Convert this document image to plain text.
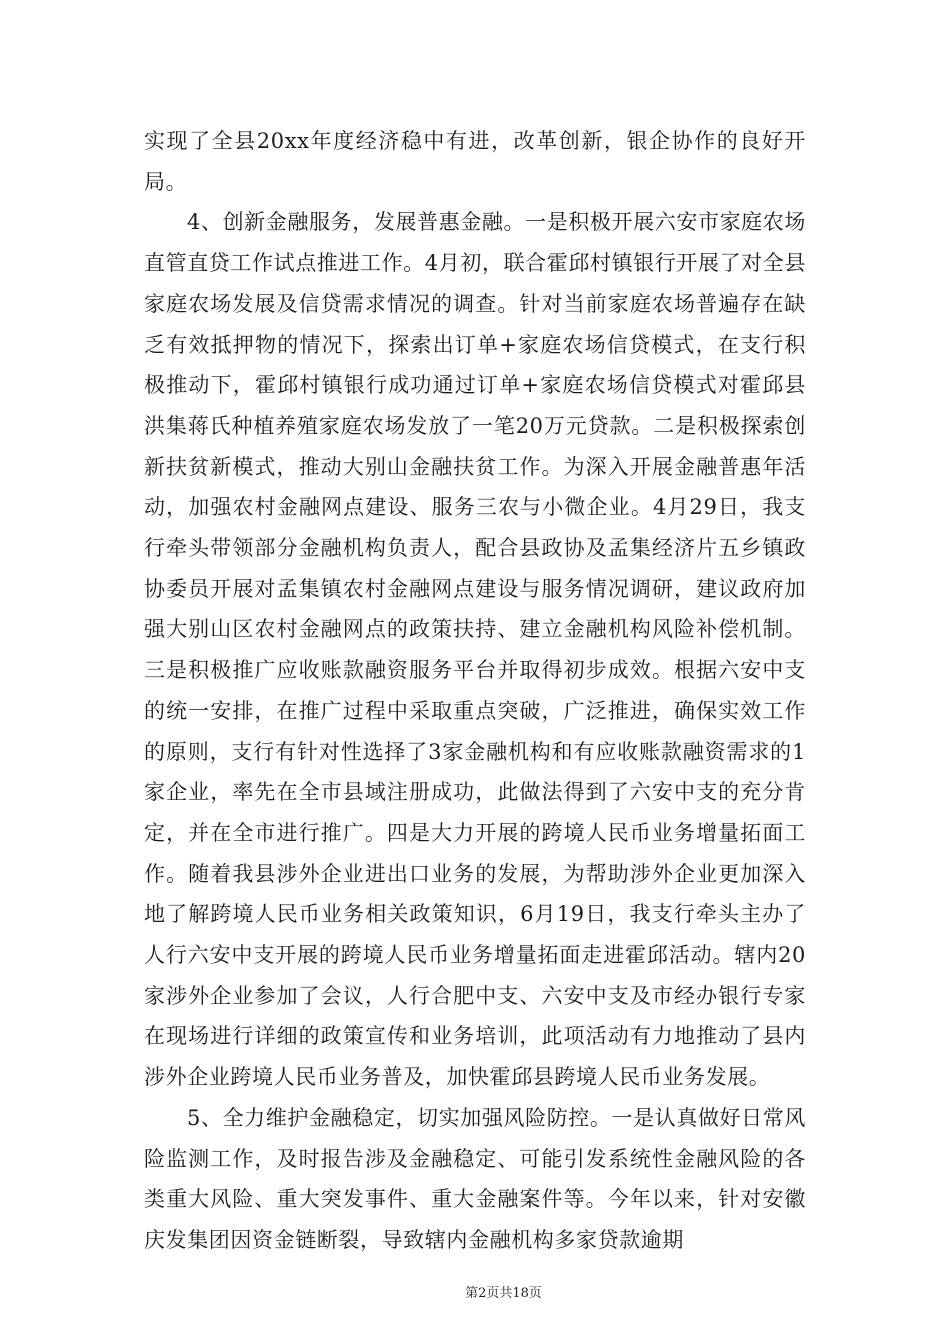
实现了全县20xx年度经济稳中有进，改革创新，银企协作的良好开局。

4、创新金融服务，发展普惠金融。一是积极开展六安市家庭农场直管直贷工作试点推进工作。4月初，联合霍邱村镇银行开展了对全县家庭农场发展及信贷需求情况的调查。针对当前家庭农场普遍存在缺乏有效抵押物的情况下，探索出订单+家庭农场信贷模式，在支行积极推动下，霍邱村镇银行成功通过订单+家庭农场信贷模式对霍邱县洪集蒋氏种植养殖家庭农场发放了一笔20万元贷款。二是积极探索创新扶贫新模式，推动大别山金融扶贫工作。为深入开展金融普惠年活动，加强农村金融网点建设、服务三农与小微企业。4月29日，我支行牵头带领部分金融机构负责人，配合县政协及孟集经济片五乡镇政协委员开展对孟集镇农村金融网点建设与服务情况调研，建议政府加强大别山区农村金融网点的政策扶持、建立金融机构风险补偿机制。三是积极推广应收账款融资服务平台并取得初步成效。根据六安中支的统一安排，在推广过程中采取重点突破，广泛推进，确保实效工作的原则，支行有针对性选择了3家金融机构和有应收账款融资需求的1家企业，率先在全市县域注册成功，此做法得到了六安中支的充分肯定，并在全市进行推广。四是大力开展的跨境人民币业务增量拓面工作。随着我县涉外企业进出口业务的发展，为帮助涉外企业更加深入地了解跨境人民币业务相关政策知识，6月19日，我支行牵头主办了人行六安中支开展的跨境人民币业务增量拓面走进霍邱活动。辖内20家涉外企业参加了会议，人行合肥中支、六安中支及市经办银行专家在现场进行详细的政策宣传和业务培训，此项活动有力地推动了县内涉外企业跨境人民币业务普及，加快霍邱县跨境人民币业务发展。

5、全力维护金融稳定，切实加强风险防控。一是认真做好日常风险监测工作，及时报告涉及金融稳定、可能引发系统性金融风险的各类重大风险、重大突发事件、重大金融案件等。今年以来，针对安徽庆发集团因资金链断裂，导致辖内金融机构多家贷款逾期

第2页共18页
